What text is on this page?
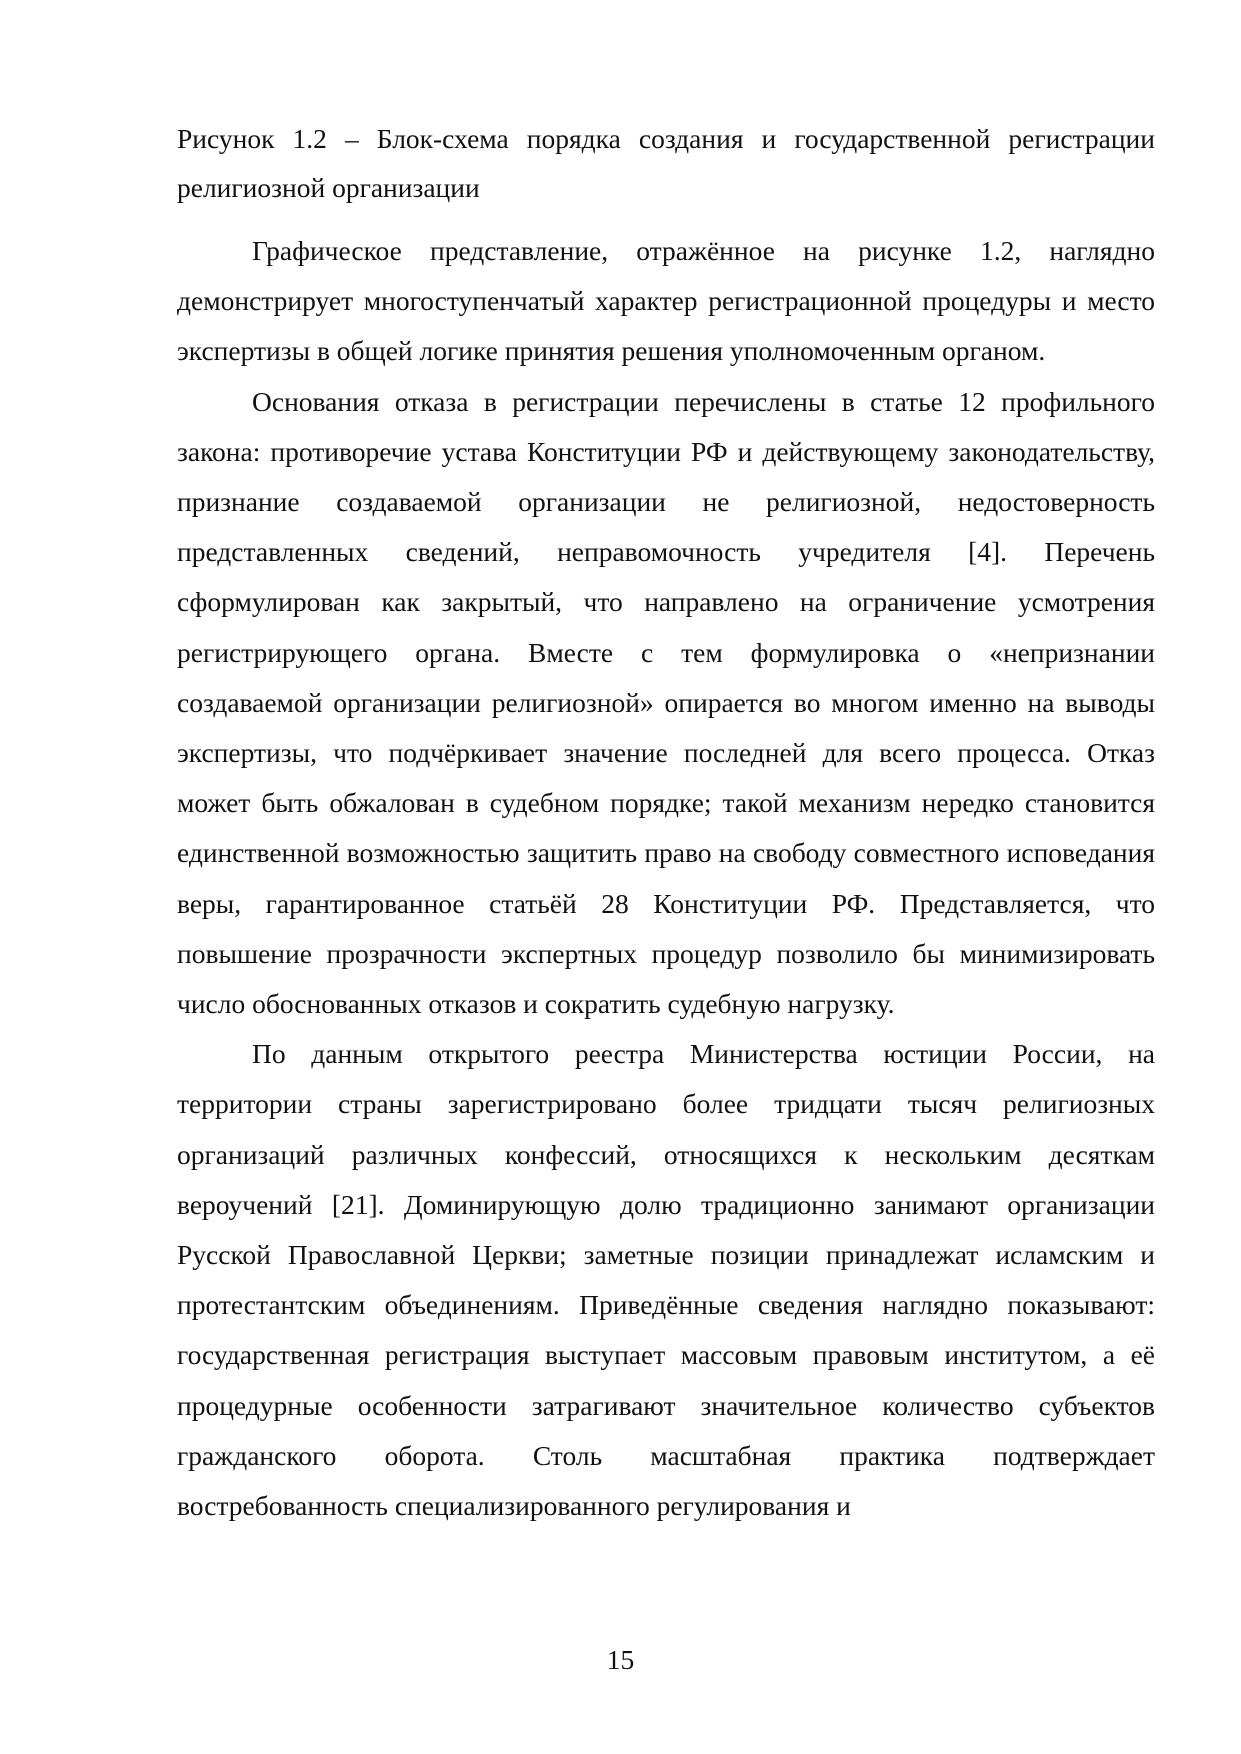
Рисунок 1.2 – Блок-схема порядка создания и государственной регистрации религиозной организации

Графическое представление, отражённое на рисунке 1.2, наглядно демонстрирует многоступенчатый характер регистрационной процедуры и место экспертизы в общей логике принятия решения уполномоченным органом.

Основания отказа в регистрации перечислены в статье 12 профильного закона: противоречие устава Конституции РФ и действующему законодательству, признание создаваемой организации не религиозной, недостоверность представленных сведений, неправомочность учредителя [4]. Перечень сформулирован как закрытый, что направлено на ограничение усмотрения регистрирующего органа. Вместе с тем формулировка о «непризнании создаваемой организации религиозной» опирается во многом именно на выводы экспертизы, что подчёркивает значение последней для всего процесса. Отказ может быть обжалован в судебном порядке; такой механизм нередко становится единственной возможностью защитить право на свободу совместного исповедания веры, гарантированное статьёй 28 Конституции РФ. Представляется, что повышение прозрачности экспертных процедур позволило бы минимизировать число обоснованных отказов и сократить судебную нагрузку.

По данным открытого реестра Министерства юстиции России, на территории страны зарегистрировано более тридцати тысяч религиозных организаций различных конфессий, относящихся к нескольким десяткам вероучений [21]. Доминирующую долю традиционно занимают организации Русской Православной Церкви; заметные позиции принадлежат исламским и протестантским объединениям. Приведённые сведения наглядно показывают: государственная регистрация выступает массовым правовым институтом, а её процедурные особенности затрагивают значительное количество субъектов гражданского оборота. Столь масштабная практика подтверждает востребованность специализированного регулирования и

15
